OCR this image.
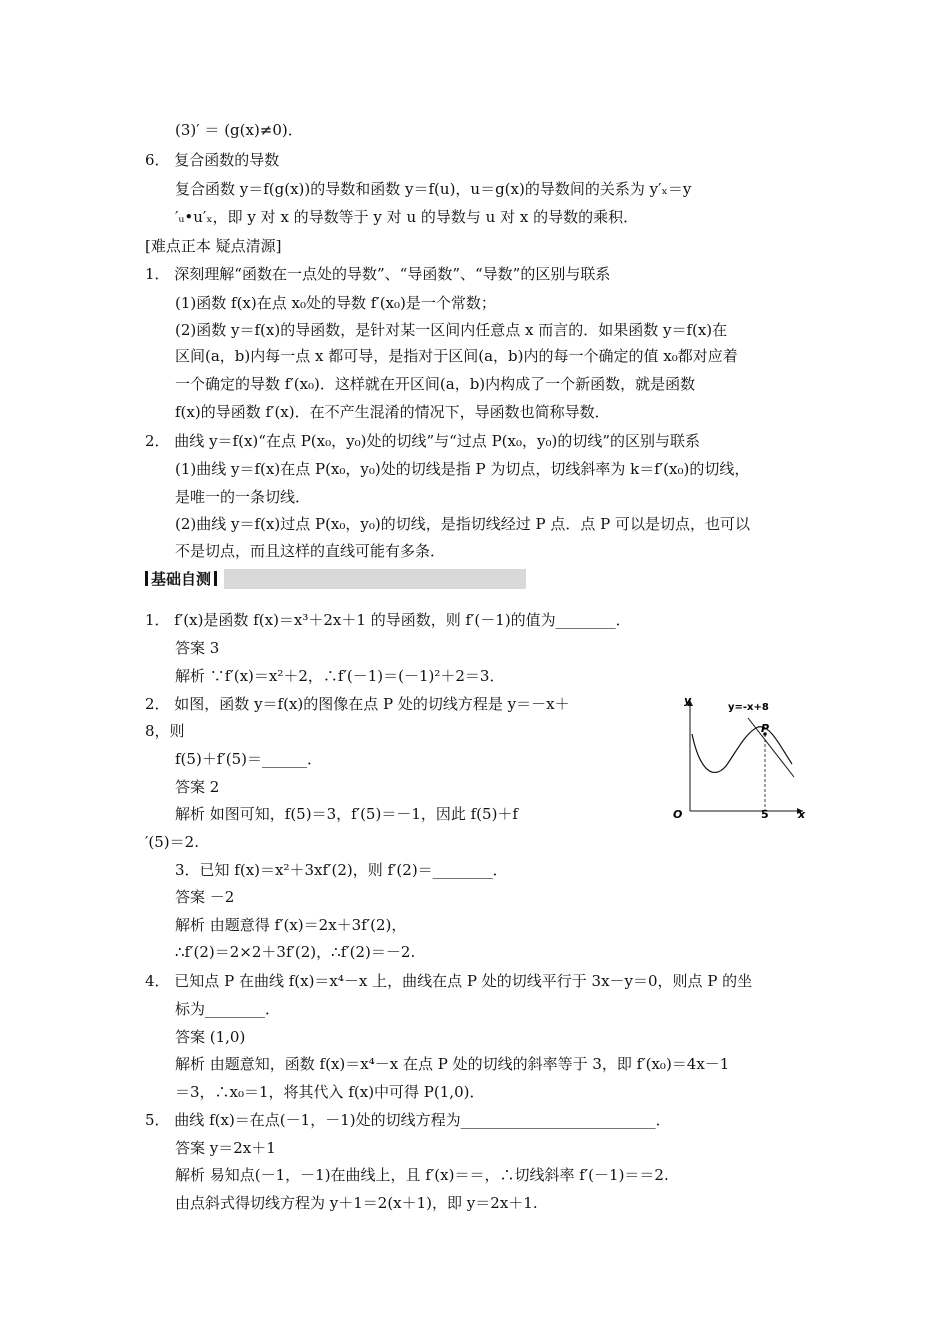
(3)′ ＝ (g(x)≠0)．
6． 复合函数的导数
复合函数 y＝f(g(x))的导数和函数 y＝f(u)，u＝g(x)的导数间的关系为 y′ₓ＝y
′ᵤ•u′ₓ，即 y 对 x 的导数等于 y 对 u 的导数与 u 对 x 的导数的乘积．
[难点正本 疑点清源]
1． 深刻理解“函数在一点处的导数”、“导函数”、“导数”的区别与联系
(1)函数 f(x)在点 x₀处的导数 f′(x₀)是一个常数；
(2)函数 y＝f(x)的导函数，是针对某一区间内任意点 x 而言的．如果函数 y＝f(x)在
区间(a，b)内每一点 x 都可导，是指对于区间(a，b)内的每一个确定的值 x₀都对应着
一个确定的导数 f′(x₀)．这样就在开区间(a，b)内构成了一个新函数，就是函数
f(x)的导函数 f′(x)．在不产生混淆的情况下，导函数也简称导数．
2． 曲线 y＝f(x)“在点 P(x₀，y₀)处的切线”与“过点 P(x₀，y₀)的切线”的区别与联系
(1)曲线 y＝f(x)在点 P(x₀，y₀)处的切线是指 P 为切点，切线斜率为 k＝f′(x₀)的切线，
是唯一的一条切线．
(2)曲线 y＝f(x)过点 P(x₀，y₀)的切线，是指切线经过 P 点．点 P 可以是切点，也可以
不是切点，而且这样的直线可能有多条．
1． f′(x)是函数 f(x)＝x³＋2x＋1 的导函数，则 f′(－1)的值为________．
答案 3
解析 ∵f′(x)＝x²＋2，∴f′(－1)＝(－1)²＋2＝3．
2． 如图，函数 y＝f(x)的图像在点 P 处的切线方程是 y＝－x＋
8，则
f(5)＋f′(5)＝______．
答案 2
解析 如图可知，f(5)＝3，f′(5)＝－1，因此 f(5)＋f
′(5)＝2.
3．已知 f(x)＝x²＋3xf′(2)，则 f′(2)＝________．
答案 －2
解析 由题意得 f′(x)＝2x＋3f′(2)，
∴f′(2)＝2×2＋3f′(2)，∴f′(2)＝－2.
4． 已知点 P 在曲线 f(x)＝x⁴－x 上，曲线在点 P 处的切线平行于 3x－y＝0，则点 P 的坐
标为________．
答案 (1,0)
解析 由题意知，函数 f(x)＝x⁴－x 在点 P 处的切线的斜率等于 3，即 f′(x₀)＝4x－1
＝3，∴x₀＝1，将其代入 f(x)中可得 P(1,0)．
5． 曲线 f(x)＝在点(－1，－1)处的切线方程为__________________________．
答案 y＝2x＋1
解析 易知点(－1，－1)在曲线上，且 f′(x)＝＝，∴切线斜率 f′(－1)＝＝2.
由点斜式得切线方程为 y＋1＝2(x＋1)，即 y＝2x＋1.
基础自测
y
x
O	5
P
y=-x+8
